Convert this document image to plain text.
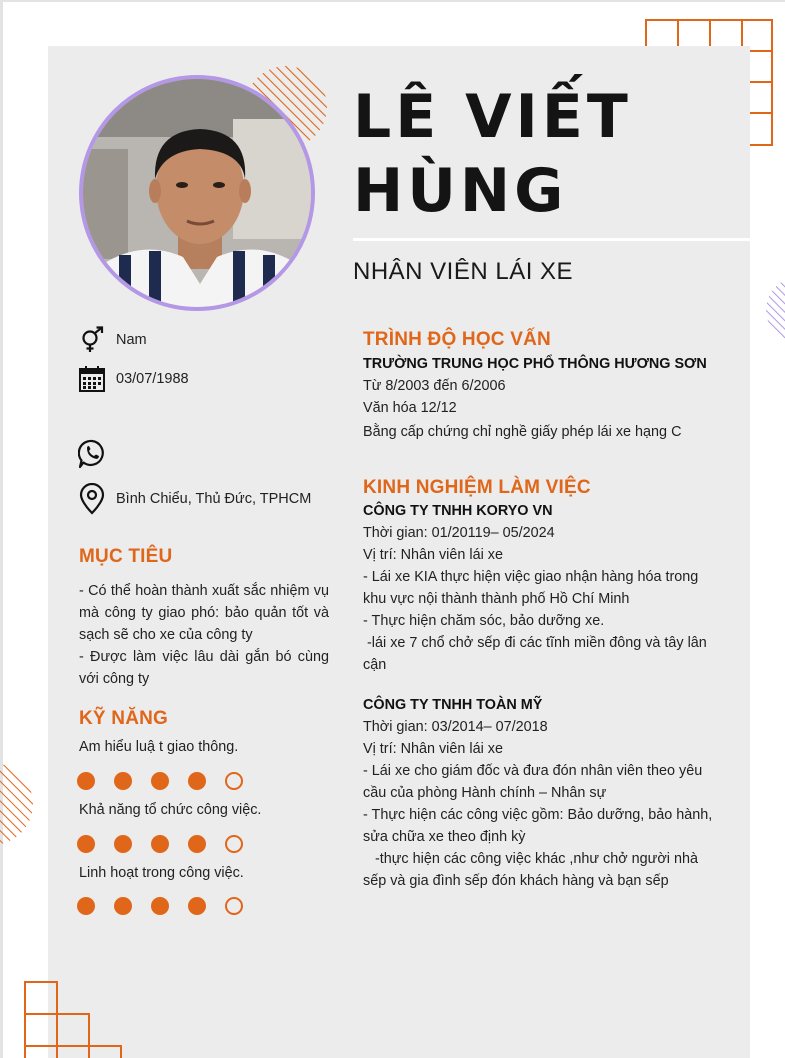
LÊ VIẾT
HÙNG
NHÂN VIÊN LÁI XE
Nam
03/07/1988
Bình Chiểu, Thủ Đức, TPHCM
MỤC TIÊU

- Có thể hoàn thành xuất sắc nhiệm vụ mà công ty giao phó: bảo quản tốt và sạch sẽ cho xe của công ty

- Được làm việc lâu dài gắn bó cùng với công ty

KỸ NĂNG
Am hiểu luậ t giao thông.
Khả năng tổ chức công việc.
Linh hoạt trong công việc.
TRÌNH ĐỘ HỌC VẤN
TRƯỜNG TRUNG HỌC PHỔ THÔNG HƯƠNG SƠN
Từ 8/2003 đến 6/2006
Văn hóa 12/12
Bằng cấp chứng chỉ nghề giấy phép lái xe hạng C
KINH NGHIỆM LÀM VIỆC
CÔNG TY TNHH KORYO VN
Thời gian: 01/20119– 05/2024
Vị trí: Nhân viên lái xe
- Lái xe KIA thực hiện việc giao nhận hàng hóa trong khu vực nội thành thành phố Hồ Chí Minh
- Thực hiện chăm sóc, bảo dưỡng xe.
-lái xe 7 chổ chở sếp đi các tĩnh miền đông và tây lân cận
CÔNG TY TNHH TOÀN MỸ
Thời gian: 03/2014– 07/2018
Vị trí: Nhân viên lái xe
- Lái xe cho giám đốc và đưa đón nhân viên theo yêu cầu của phòng Hành chính – Nhân sự
- Thực hiện các công việc gồm: Bảo dưỡng, bảo hành, sửa chữa xe theo định kỳ
-thực hiện các công việc khác ,như chở người nhà sếp và gia đình sếp đón khách hàng và bạn sếp
